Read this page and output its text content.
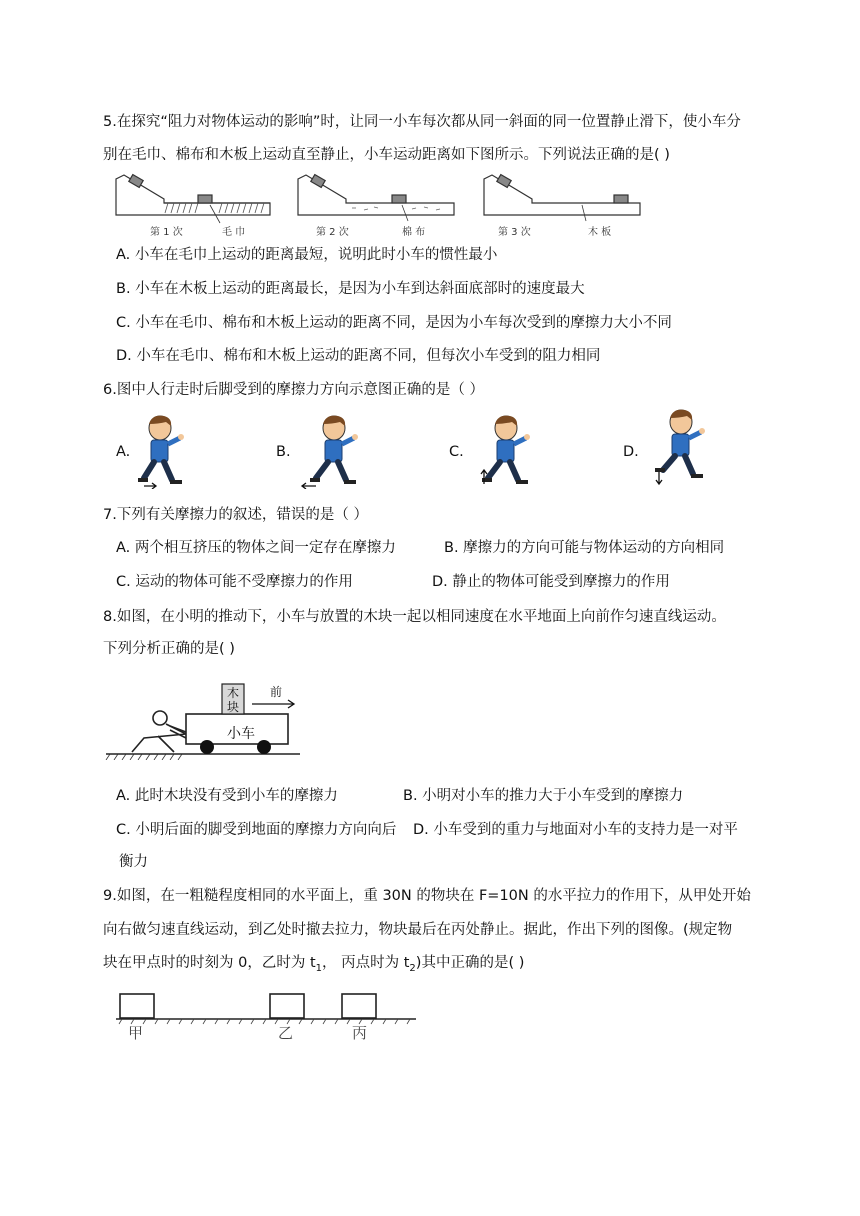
5.在探究“阻力对物体运动的影响”时，让同一小车每次都从同一斜面的同一位置静止滑下，使小车分
别在毛巾、棉布和木板上运动直至静止，小车运动距离如下图所示。下列说法正确的是( )
第 1 次	毛 巾	第 2 次	棉 布	第 3 次	木 板
A. 小车在毛巾上运动的距离最短，说明此时小车的惯性最小
B. 小车在木板上运动的距离最长，是因为小车到达斜面底部时的速度最大
C. 小车在毛巾、棉布和木板上运动的距离不同，是因为小车每次受到的摩擦力大小不同
D. 小车在毛巾、棉布和木板上运动的距离不同，但每次小车受到的阻力相同
6.图中人行走时后脚受到的摩擦力方向示意图正确的是（ ）
A.	B.	C.	D.
7.下列有关摩擦力的叙述，错误的是（ ）
A. 两个相互挤压的物体之间一定存在摩擦力	B. 摩擦力的方向可能与物体运动的方向相同
C. 运动的物体可能不受摩擦力的作用	D. 静止的物体可能受到摩擦力的作用
8.如图，在小明的推动下，小车与放置的木块一起以相同速度在水平地面上向前作匀速直线运动。
下列分析正确的是( )
木
块
前
小车
A. 此时木块没有受到小车的摩擦力	B. 小明对小车的推力大于小车受到的摩擦力
C. 小明后面的脚受到地面的摩擦力方向向后 D. 小车受到的重力与地面对小车的支持力是一对平
衡力
9.如图，在一粗糙程度相同的水平面上，重 30N 的物块在 F=10N 的水平拉力的作用下，从甲处开始
向右做匀速直线运动，到乙处时撤去拉力，物块最后在丙处静止。据此，作出下列的图像。(规定物
块在甲点时的时刻为 0，乙时为 $t_1$， 丙点时为 $t_2$)其中正确的是( )
甲	乙	丙
